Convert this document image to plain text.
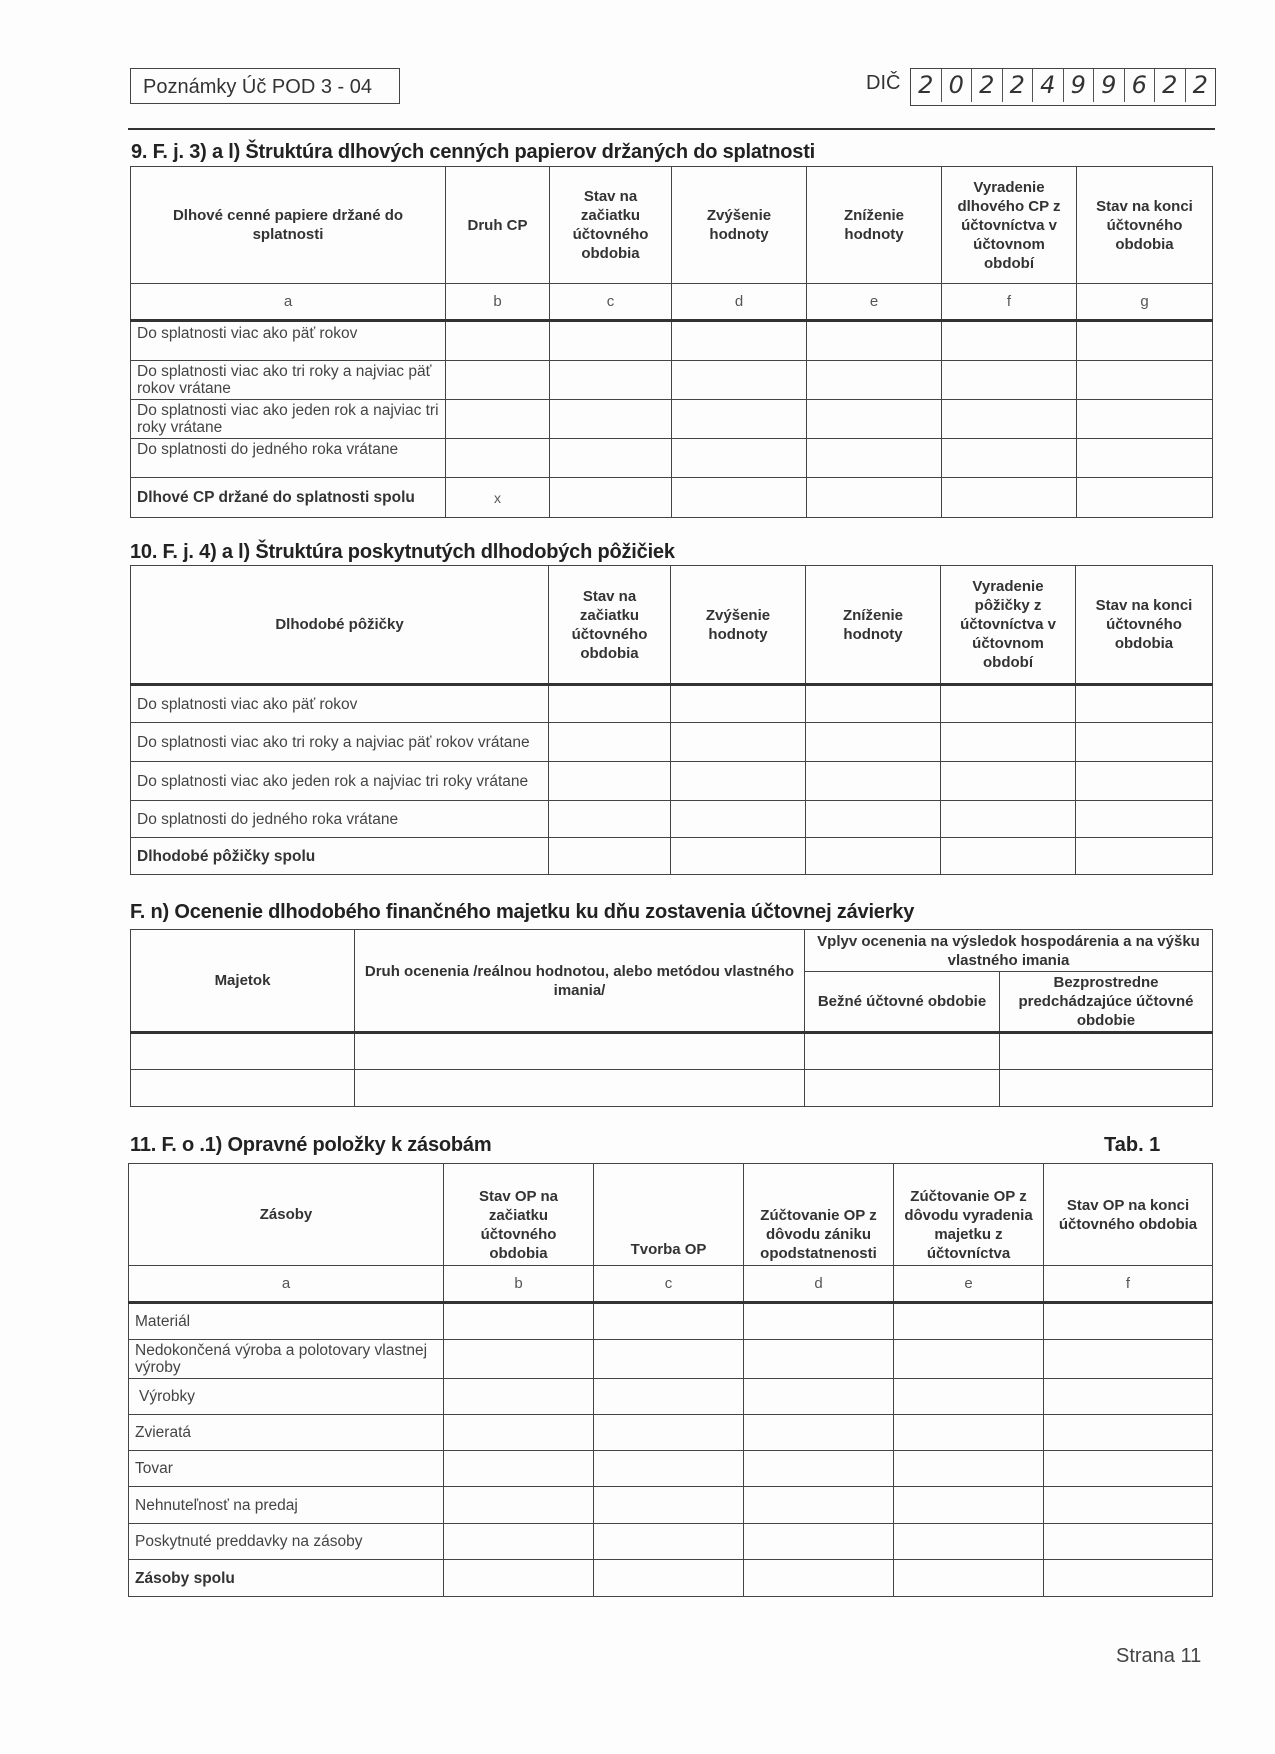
Poznámky Úč POD 3 - 04	DIČ 2 0 2 2 4 9 9 6 2 2
9. F. j. 3) a l) Štruktúra dlhových cenných papierov držaných do splatnosti
Dlhové cenné papiere držané do splatnosti	Druh CP	Stav na začiatku účtovného obdobia	Zvýšenie hodnoty	Zníženie hodnoty	Vyradenie dlhového CP z účtovníctva v účtovnom období	Stav na konci účtovného obdobia
a	b	c	d	e	f	g
Do splatnosti viac ako päť rokov						
Do splatnosti viac ako tri roky a najviac päť rokov vrátane						
Do splatnosti viac ako jeden rok a najviac tri roky vrátane						
Do splatnosti do jedného roka vrátane						
Dlhové CP držané do splatnosti spolu	x					
10. F. j. 4) a l) Štruktúra poskytnutých dlhodobých pôžičiek
Dlhodobé pôžičky	Stav na začiatku účtovného obdobia	Zvýšenie hodnoty	Zníženie hodnoty	Vyradenie pôžičky z účtovníctva v účtovnom období	Stav na konci účtovného obdobia
Do splatnosti viac ako päť rokov					
Do splatnosti viac ako tri roky a najviac päť rokov vrátane					
Do splatnosti viac ako jeden rok a najviac tri roky vrátane					
Do splatnosti do jedného roka vrátane					
Dlhodobé pôžičky spolu					
F. n) Ocenenie dlhodobého finančného majetku ku dňu zostavenia účtovnej závierky
Majetok	Druh ocenenia /reálnou hodnotou, alebo metódou vlastného imania/	Vplyv ocenenia na výsledok hospodárenia a na výšku vlastného imania	
		Bežné účtovné obdobie	Bezprostredne predchádzajúce účtovné obdobie

11. F. o .1) Opravné položky k zásobám	Tab. 1
Zásoby	Stav OP na začiatku účtovného obdobia	Tvorba OP	Zúčtovanie OP z dôvodu zániku opodstatnenosti	Zúčtovanie OP z dôvodu vyradenia majetku z účtovníctva	Stav OP na konci účtovného obdobia
a	b	c	d	e	f
Materiál					
Nedokončená výroba a polotovary vlastnej výroby					
Výrobky					
Zvieratá					
Tovar					
Nehnuteľnosť na predaj					
Poskytnuté preddavky na zásoby					
Zásoby spolu					
Strana 11
